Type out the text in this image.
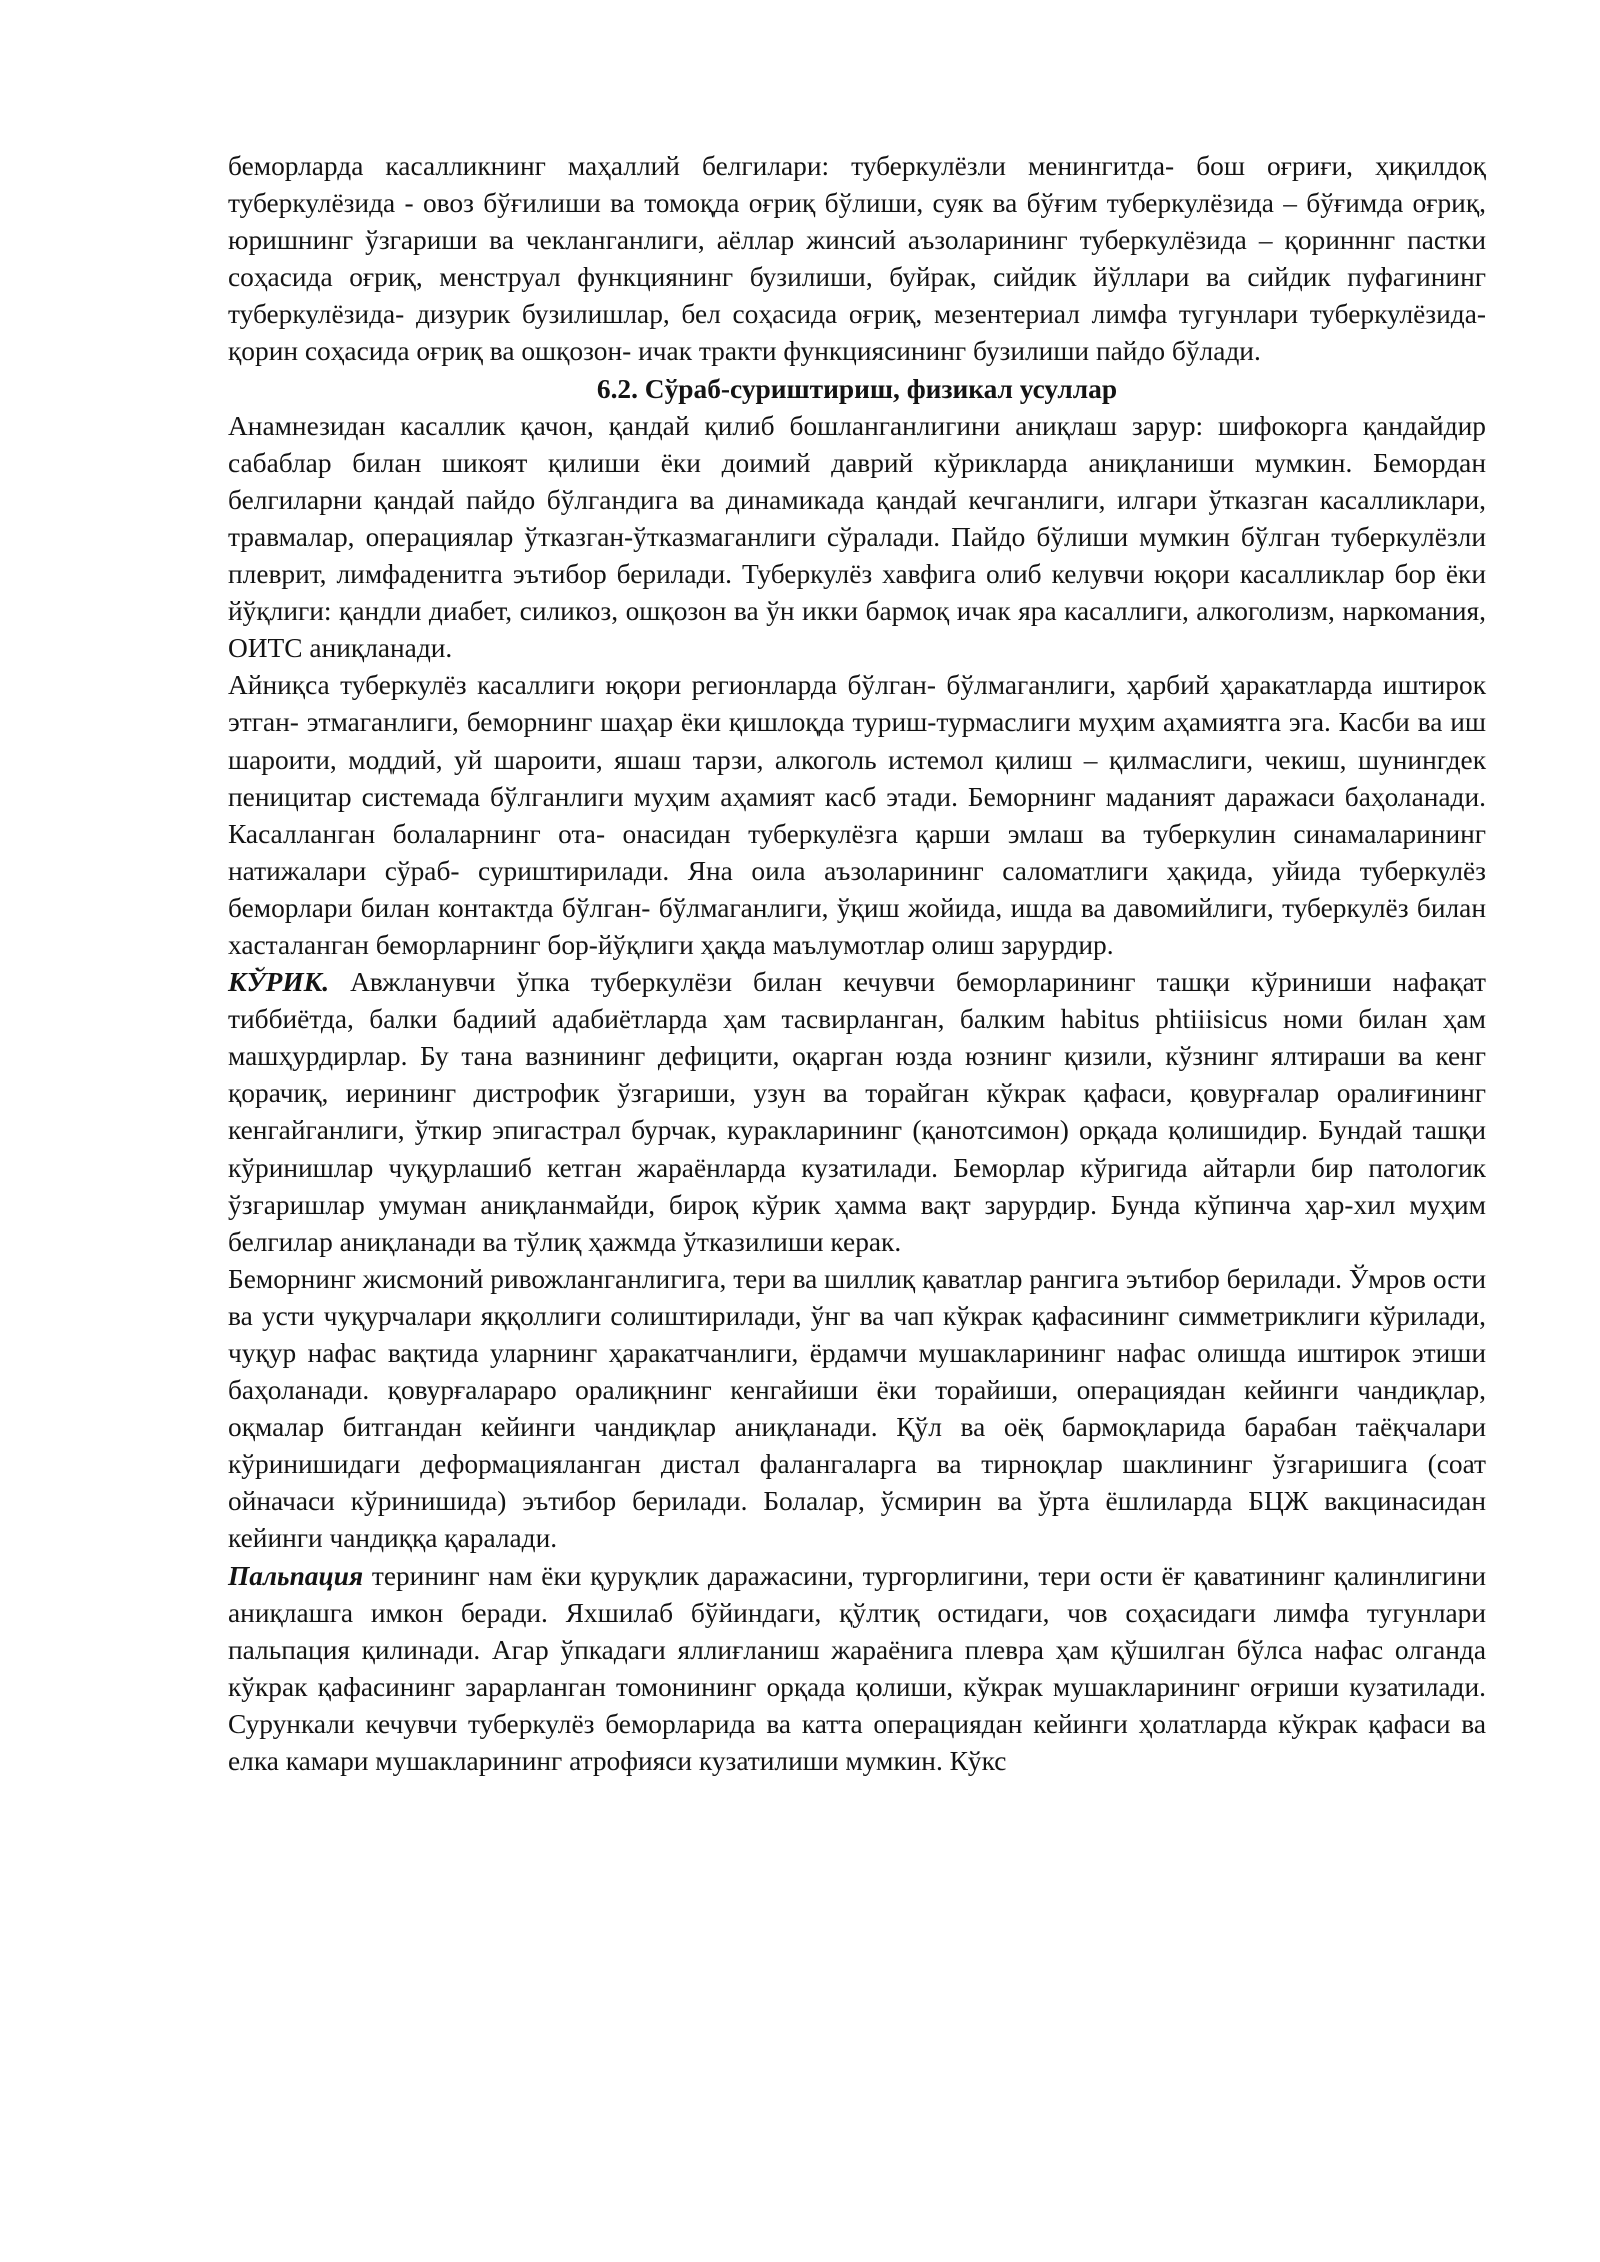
беморларда касалликнинг маҳаллий белгилари: туберкулёзли менингитда- бош оғриғи, ҳиқилдоқ туберкулёзида - овоз бўғилиши ва томоқда оғриқ бўлиши, суяк ва бўғим туберкулёзида – бўғимда оғриқ, юришнинг ўзгариши ва чекланганлиги, аёллар жинсий аъзоларининг туберкулёзида – қоринннг пастки соҳасида оғриқ, менструал функциянинг бузилиши, буйрак, сийдик йўллари ва сийдик пуфагининг туберкулёзида- дизурик бузилишлар, бел соҳасида оғриқ, мезентериал лимфа тугунлари туберкулёзида- қорин соҳасида оғриқ ва ошқозон- ичак тракти функциясининг бузилиши пайдо бўлади.

6.2. Сўраб-суриштириш, физикал усуллар

Анамнезидан касаллик қачон, қандай қилиб бошланганлигини аниқлаш зарур: шифокорга қандайдир сабаблар билан шикоят қилиши ёки доимий даврий кўрикларда аниқланиши мумкин. Бемордан белгиларни қандай пайдо бўлгандига ва динамикада қандай кечганлиги, илгари ўтказган касалликлари, травмалар, операциялар ўтказган-ўтказмаганлиги сўралади. Пайдо бўлиши мумкин бўлган туберкулёзли плеврит, лимфаденитга эътибор берилади. Туберкулёз хавфига олиб келувчи юқори касалликлар бор ёки йўқлиги: қандли диабет, силикоз, ошқозон ва ўн икки бармоқ ичак яра касаллиги, алкоголизм, наркомания, ОИТС аниқланади.

Айниқса туберкулёз касаллиги юқори регионларда бўлган- бўлмаганлиги, ҳарбий ҳаракатларда иштирок этган- этмаганлиги, беморнинг шаҳар ёки қишлоқда туриш-турмаслиги муҳим аҳамиятга эга. Касби ва иш шароити, моддий, уй шароити, яшаш тарзи, алкоголь истемол қилиш – қилмаслиги, чекиш, шунингдек пеницитар системада бўлганлиги муҳим аҳамият касб этади. Беморнинг маданият даражаси баҳоланади. Касалланган болаларнинг ота- онасидан туберкулёзга қарши эмлаш ва туберкулин синамаларининг натижалари сўраб- суриштирилади. Яна оила аъзоларининг саломатлиги ҳақида, уйида туберкулёз беморлари билан контактда бўлган- бўлмаганлиги, ўқиш жойида, ишда ва давомийлиги, туберкулёз билан хасталанган беморларнинг бор-йўқлиги ҳақда маълумотлар олиш зарурдир.

КЎРИК. Авжланувчи ўпка туберкулёзи билан кечувчи беморларининг ташқи кўриниши нафақат тиббиётда, балки бадиий адабиётларда ҳам тасвирланган, балким habitus phtiiisicus номи билан ҳам машҳурдирлар. Бу тана вазнининг дефицити, оқарган юзда юзнинг қизили, кўзнинг ялтираши ва кенг қорачиқ, иерининг дистрофик ўзгариши, узун ва торайган кўкрак қафаси, қовурғалар оралиғининг кенгайганлиги, ўткир эпигастрал бурчак, куракларининг (қанотсимон) орқада қолишидир. Бундай ташқи кўринишлар чуқурлашиб кетган жараёнларда кузатилади. Беморлар кўригида айтарли бир патологик ўзгаришлар умуман аниқланмайди, бироқ кўрик ҳамма вақт зарурдир. Бунда кўпинча ҳар-хил муҳим белгилар аниқланади ва тўлиқ ҳажмда ўтказилиши керак.

Беморнинг жисмоний ривожланганлигига, тери ва шиллиқ қаватлар рангига эътибор берилади. Ўмров ости ва усти чуқурчалари яққоллиги солиштирилади, ўнг ва чап кўкрак қафасининг симметриклиги кўрилади, чуқур нафас вақтида уларнинг ҳаракатчанлиги, ёрдамчи мушакларининг нафас олишда иштирок этиши баҳоланади. қовурғалараро оралиқнинг кенгайиши ёки торайиши, операциядан кейинги чандиқлар, оқмалар битгандан кейинги чандиқлар аниқланади. Қўл ва оёқ бармоқларида барабан таёқчалари кўринишидаги деформацияланган дистал фалангаларга ва тирноқлар шаклининг ўзгаришига (соат ойначаси кўринишида) эътибор берилади. Болалар, ўсмирин ва ўрта ёшлиларда БЦЖ вакцинасидан кейинги чандиққа қаралади.

Пальпация терининг нам ёки қуруқлик даражасини, тургорлигини, тери ости ёғ қаватининг қалинлигини аниқлашга имкон беради. Яхшилаб бўйиндаги, қўлтиқ остидаги, чов соҳасидаги лимфа тугунлари пальпация қилинади. Агар ўпкадаги яллиғланиш жараёнига плевра ҳам қўшилган бўлса нафас олганда кўкрак қафасининг зарарланган томонининг орқада қолиши, кўкрак мушакларининг оғриши кузатилади. Сурункали кечувчи туберкулёз беморларида ва катта операциядан кейинги ҳолатларда кўкрак қафаси ва елка камари мушакларининг атрофияси кузатилиши мумкин. Кўкс
